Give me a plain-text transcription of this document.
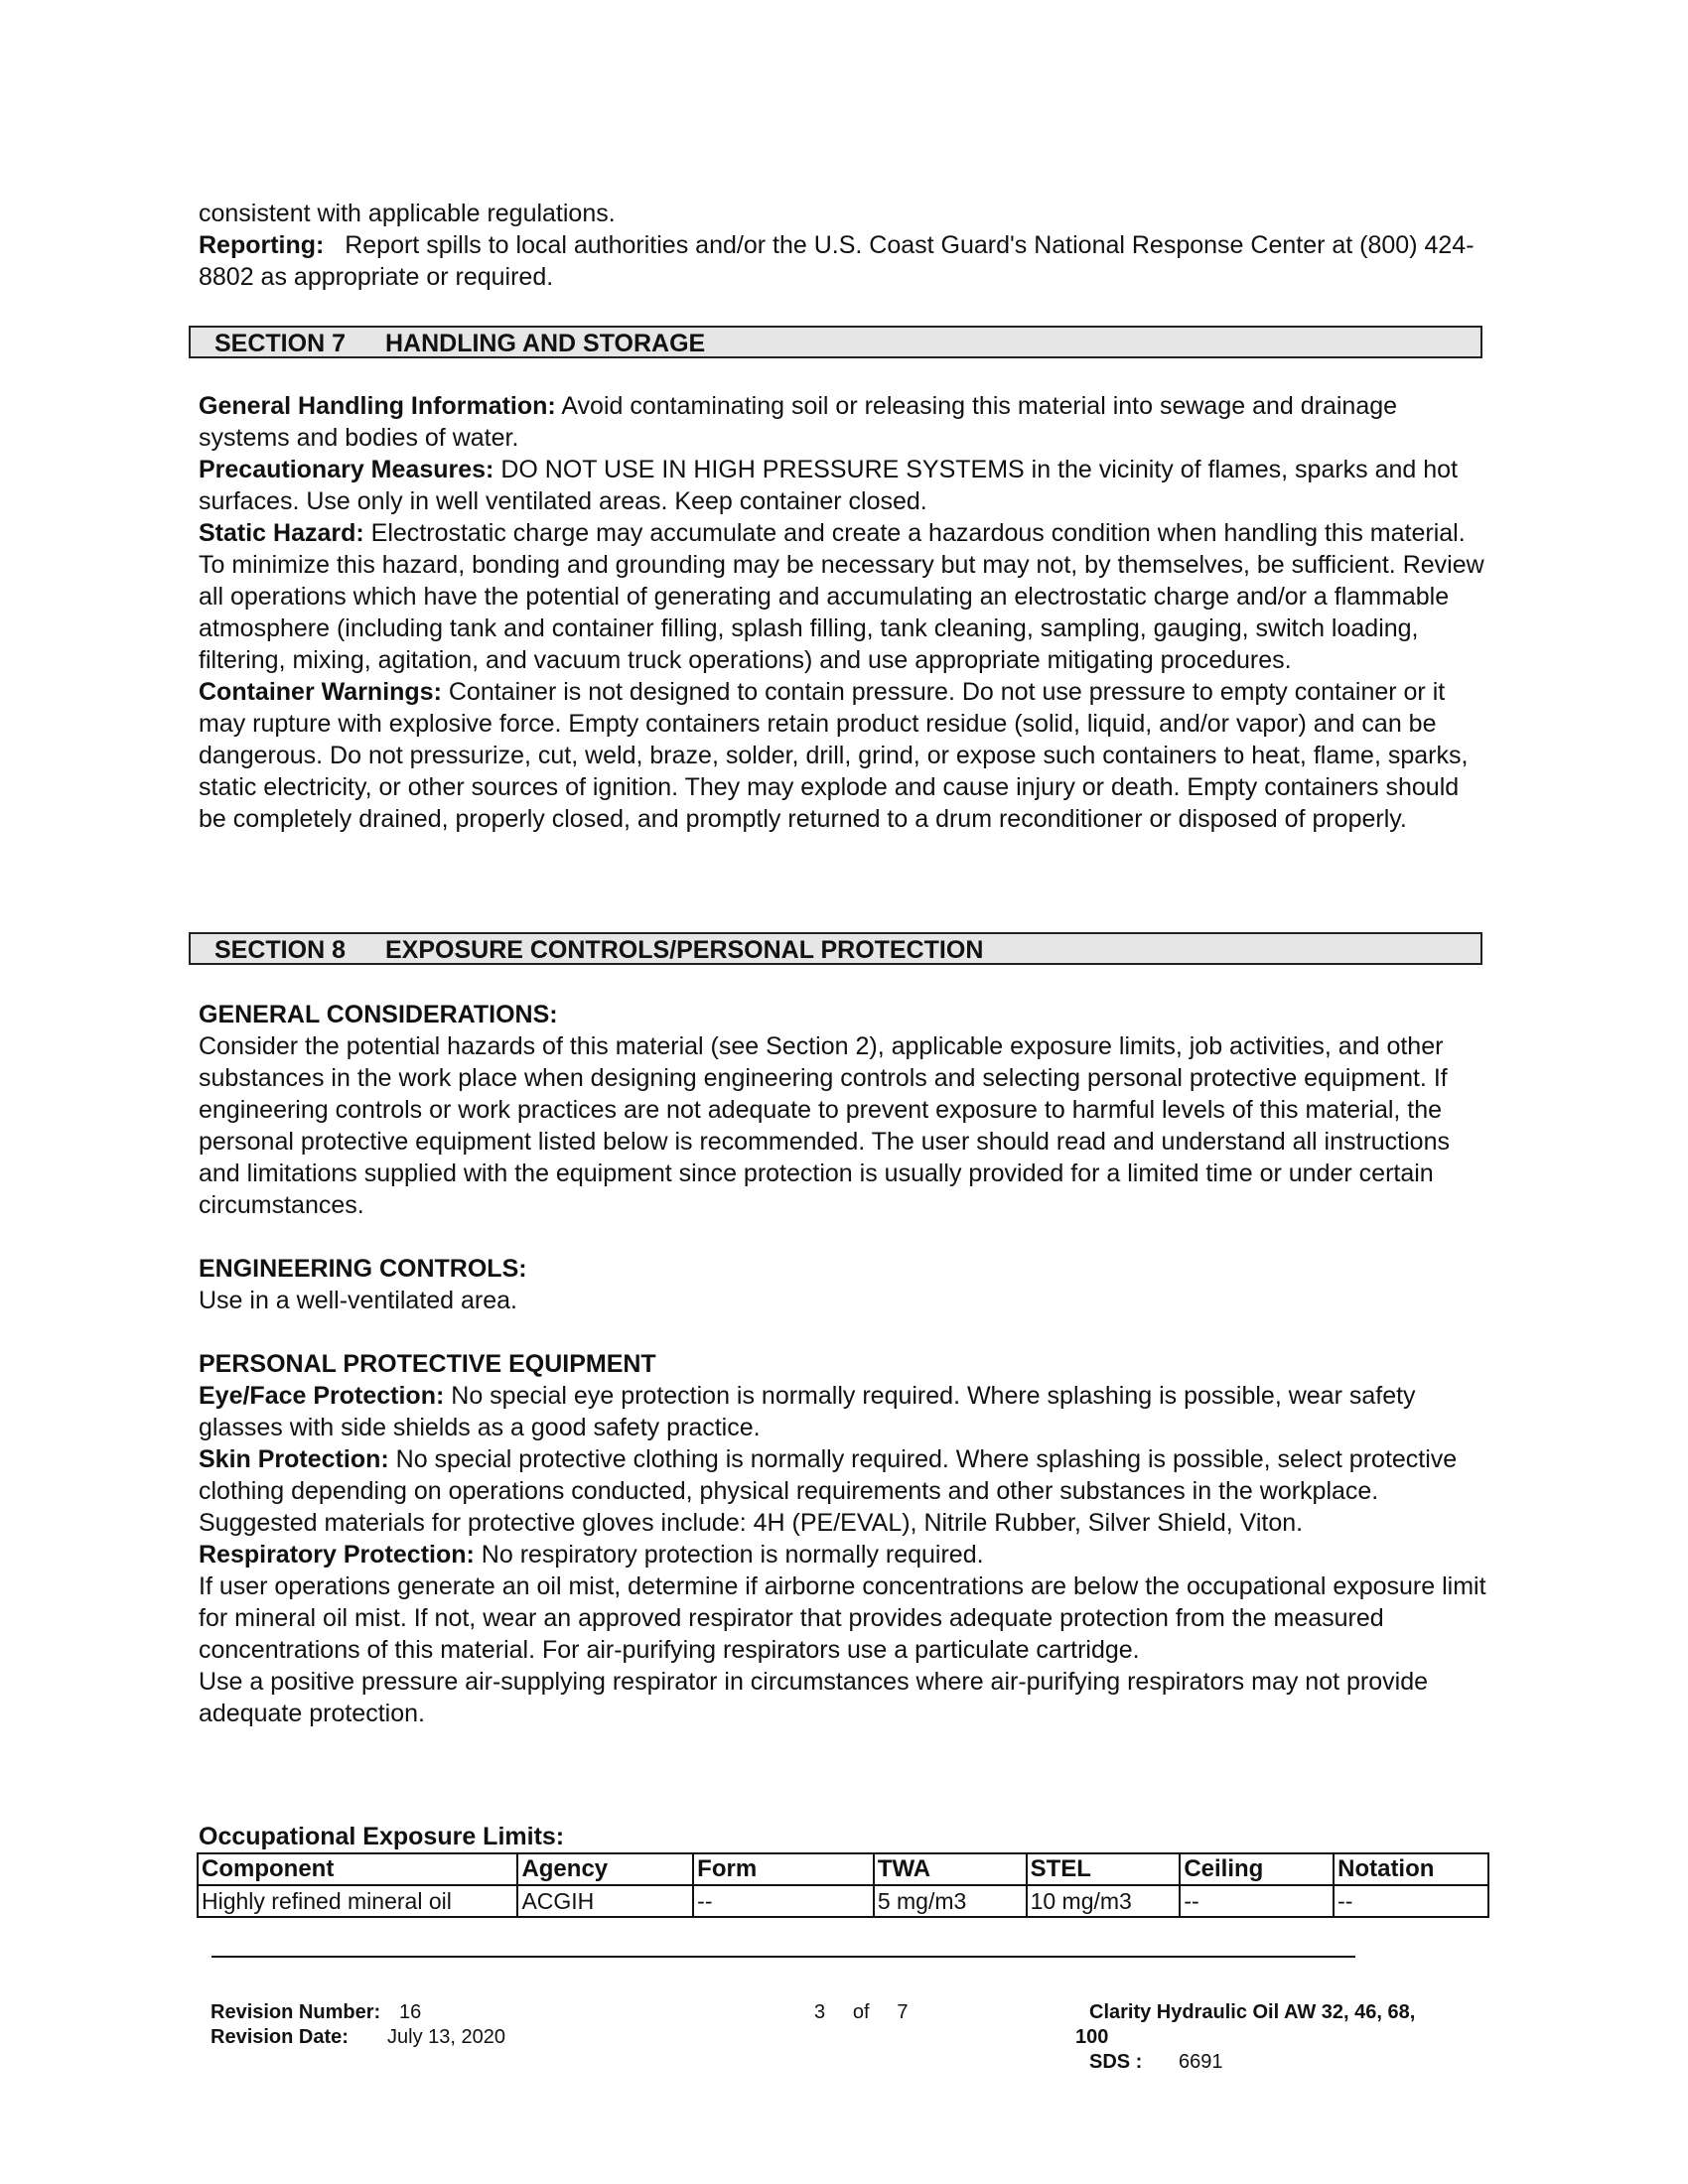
consistent with applicable regulations.

Reporting: Report spills to local authorities and/or the U.S. Coast Guard's National Response Center at (800) 424-8802 as appropriate or required.

SECTION 7 HANDLING AND STORAGE

General Handling Information: Avoid contaminating soil or releasing this material into sewage and drainage systems and bodies of water.

Precautionary Measures: DO NOT USE IN HIGH PRESSURE SYSTEMS in the vicinity of flames, sparks and hot surfaces. Use only in well ventilated areas. Keep container closed.

Static Hazard: Electrostatic charge may accumulate and create a hazardous condition when handling this material. To minimize this hazard, bonding and grounding may be necessary but may not, by themselves, be sufficient. Review all operations which have the potential of generating and accumulating an electrostatic charge and/or a flammable atmosphere (including tank and container filling, splash filling, tank cleaning, sampling, gauging, switch loading, filtering, mixing, agitation, and vacuum truck operations) and use appropriate mitigating procedures.

Container Warnings: Container is not designed to contain pressure. Do not use pressure to empty container or it may rupture with explosive force. Empty containers retain product residue (solid, liquid, and/or vapor) and can be dangerous. Do not pressurize, cut, weld, braze, solder, drill, grind, or expose such containers to heat, flame, sparks, static electricity, or other sources of ignition. They may explode and cause injury or death. Empty containers should be completely drained, properly closed, and promptly returned to a drum reconditioner or disposed of properly.

SECTION 8 EXPOSURE CONTROLS/PERSONAL PROTECTION

GENERAL CONSIDERATIONS:

Consider the potential hazards of this material (see Section 2), applicable exposure limits, job activities, and other substances in the work place when designing engineering controls and selecting personal protective equipment. If engineering controls or work practices are not adequate to prevent exposure to harmful levels of this material, the personal protective equipment listed below is recommended. The user should read and understand all instructions and limitations supplied with the equipment since protection is usually provided for a limited time or under certain circumstances.

ENGINEERING CONTROLS:

Use in a well-ventilated area.

PERSONAL PROTECTIVE EQUIPMENT

Eye/Face Protection: No special eye protection is normally required. Where splashing is possible, wear safety glasses with side shields as a good safety practice.

Skin Protection: No special protective clothing is normally required. Where splashing is possible, select protective clothing depending on operations conducted, physical requirements and other substances in the workplace. Suggested materials for protective gloves include: 4H (PE/EVAL), Nitrile Rubber, Silver Shield, Viton.

Respiratory Protection: No respiratory protection is normally required.

If user operations generate an oil mist, determine if airborne concentrations are below the occupational exposure limit for mineral oil mist. If not, wear an approved respirator that provides adequate protection from the measured concentrations of this material. For air-purifying respirators use a particulate cartridge.

Use a positive pressure air-supplying respirator in circumstances where air-purifying respirators may not provide adequate protection.

Occupational Exposure Limits:
Component	Agency	Form	TWA	STEL	Ceiling	Notation
Highly refined mineral oil	ACGIH	--	5 mg/m3	10 mg/m3	--	--
Revision Number: 16
Revision Date: July 13, 2020
3 of 7	Clarity Hydraulic Oil AW 32, 46, 68,
100
SDS : 6691
